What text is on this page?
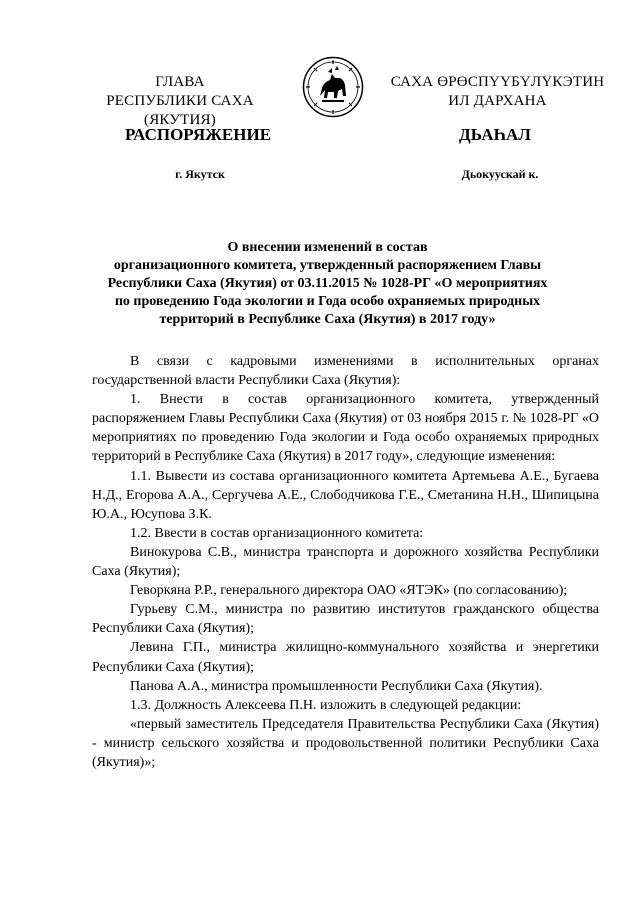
ГЛАВА
РЕСПУБЛИКИ САХА (ЯКУТИЯ)
САХА ӨРӨСПҮҮБҮЛҮКЭТИН
ИЛ ДАРХАНА
РАСПОРЯЖЕНИЕ	ДЬАҺАЛ
г. Якутск	Дьокуускай к.
О внесении изменений в состав
организационного комитета, утвержденный распоряжением Главы
Республики Саха (Якутия) от 03.11.2015 № 1028-РГ «О мероприятиях
по проведению Года экологии и Года особо охраняемых природных
территорий в Республике Саха (Якутия) в 2017 году»

В связи с кадровыми изменениями в исполнительных органах государственной власти Республики Саха (Якутия):

1. Внести в состав организационного комитета, утвержденный распоряжением Главы Республики Саха (Якутия) от 03 ноября 2015 г. № 1028-РГ «О мероприятиях по проведению Года экологии и Года особо охраняемых природных территорий в Республике Саха (Якутия) в 2017 году», следующие изменения:

1.1. Вывести из состава организационного комитета Артемьева А.Е., Бугаева Н.Д., Егорова А.А., Сергучева А.Е., Слободчикова Г.Е., Сметанина Н.Н., Шипицына Ю.А., Юсупова З.К.

1.2. Ввести в состав организационного комитета:

Винокурова С.В., министра транспорта и дорожного хозяйства Республики Саха (Якутия);

Геворкяна Р.Р., генерального директора ОАО «ЯТЭК» (по согласованию);

Гурьеву С.М., министра по развитию институтов гражданского общества Республики Саха (Якутия);

Левина Г.П., министра жилищно-коммунального хозяйства и энергетики Республики Саха (Якутия);

Панова А.А., министра промышленности Республики Саха (Якутия).

1.3. Должность Алексеева П.Н. изложить в следующей редакции:

«первый заместитель Председателя Правительства Республики Саха (Якутия) - министр сельского хозяйства и продовольственной политики Республики Саха (Якутия)»;
